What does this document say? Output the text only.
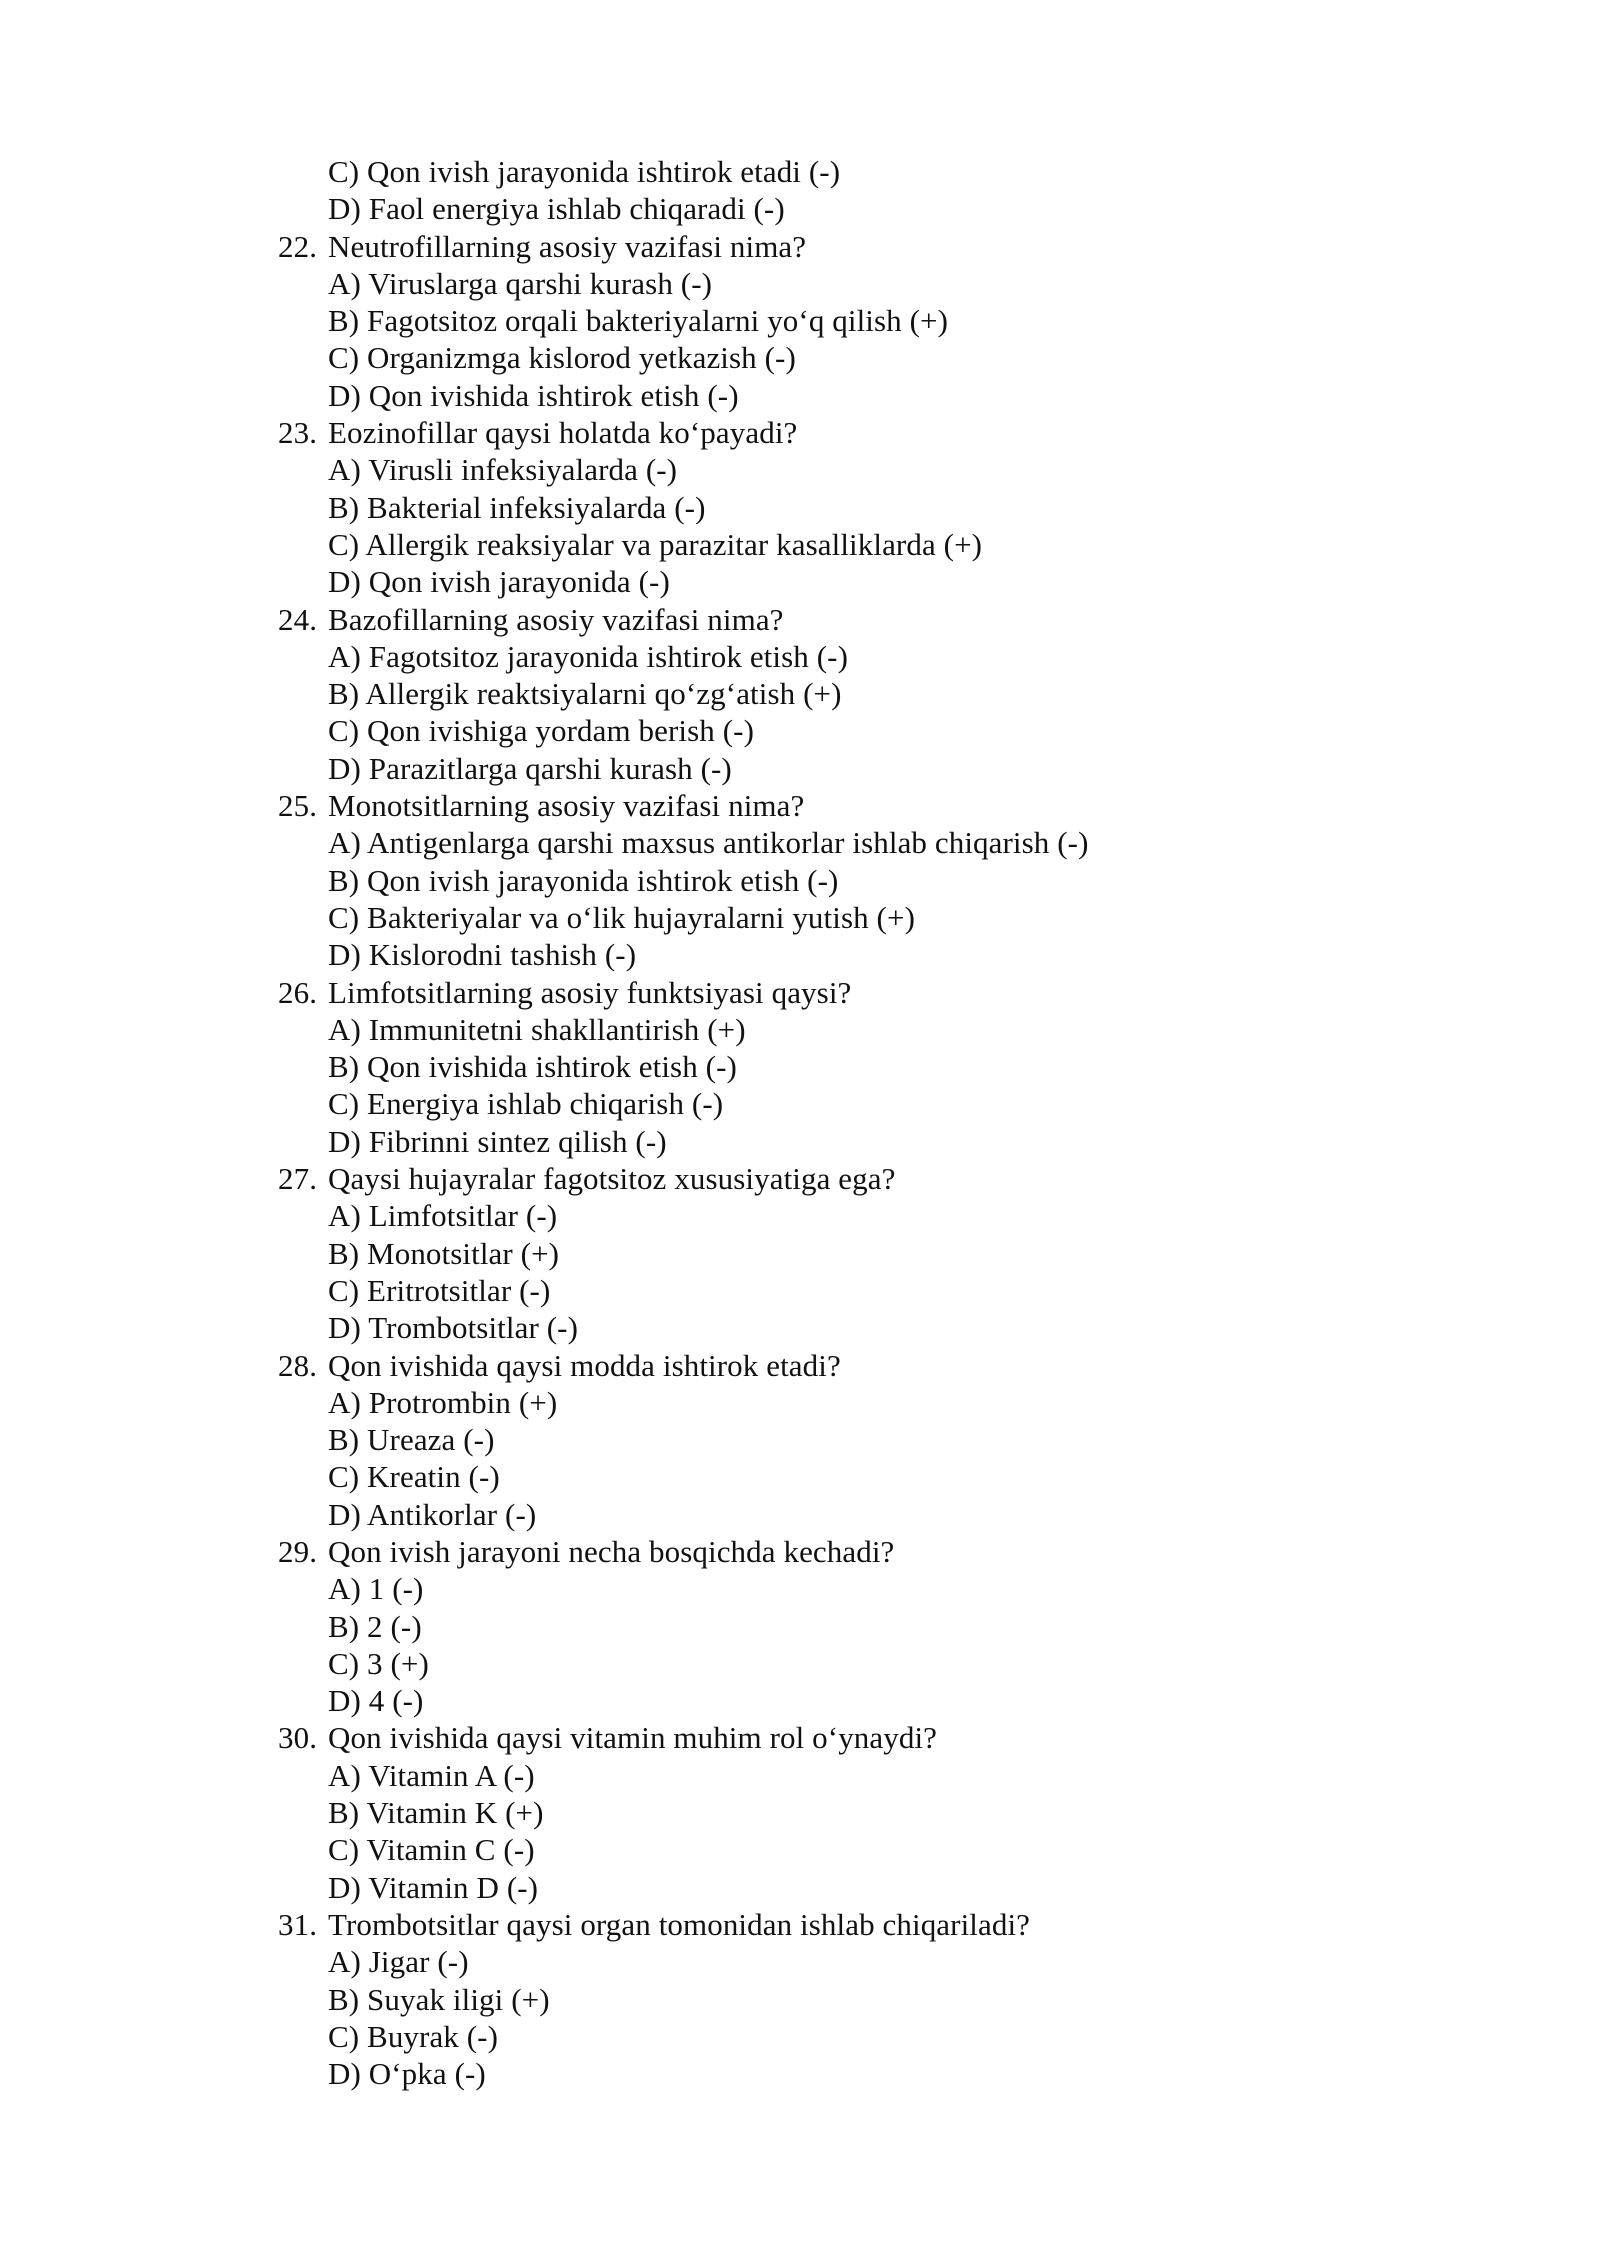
C) Qon ivish jarayonida ishtirok etadi (-)
D) Faol energiya ishlab chiqaradi (-)
22. Neutrofillarning asosiy vazifasi nima?
A) Viruslarga qarshi kurash (-)
B) Fagotsitoz orqali bakteriyalarni yo‘q qilish (+)
C) Organizmga kislorod yetkazish (-)
D) Qon ivishida ishtirok etish (-)
23. Eozinofillar qaysi holatda ko‘payadi?
A) Virusli infeksiyalarda (-)
B) Bakterial infeksiyalarda (-)
C) Allergik reaksiyalar va parazitar kasalliklarda (+)
D) Qon ivish jarayonida (-)
24. Bazofillarning asosiy vazifasi nima?
A) Fagotsitoz jarayonida ishtirok etish (-)
B) Allergik reaktsiyalarni qo‘zg‘atish (+)
C) Qon ivishiga yordam berish (-)
D) Parazitlarga qarshi kurash (-)
25. Monotsitlarning asosiy vazifasi nima?
A) Antigenlarga qarshi maxsus antikorlar ishlab chiqarish (-)
B) Qon ivish jarayonida ishtirok etish (-)
C) Bakteriyalar va o‘lik hujayralarni yutish (+)
D) Kislorodni tashish (-)
26. Limfotsitlarning asosiy funktsiyasi qaysi?
A) Immunitetni shakllantirish (+)
B) Qon ivishida ishtirok etish (-)
C) Energiya ishlab chiqarish (-)
D) Fibrinni sintez qilish (-)
27. Qaysi hujayralar fagotsitoz xususiyatiga ega?
A) Limfotsitlar (-)
B) Monotsitlar (+)
C) Eritrotsitlar (-)
D) Trombotsitlar (-)
28. Qon ivishida qaysi modda ishtirok etadi?
A) Protrombin (+)
B) Ureaza (-)
C) Kreatin (-)
D) Antikorlar (-)
29. Qon ivish jarayoni necha bosqichda kechadi?
A) 1 (-)
B) 2 (-)
C) 3 (+)
D) 4 (-)
30. Qon ivishida qaysi vitamin muhim rol o‘ynaydi?
A) Vitamin A (-)
B) Vitamin K (+)
C) Vitamin C (-)
D) Vitamin D (-)
31. Trombotsitlar qaysi organ tomonidan ishlab chiqariladi?
A) Jigar (-)
B) Suyak iligi (+)
C) Buyrak (-)
D) O‘pka (-)
